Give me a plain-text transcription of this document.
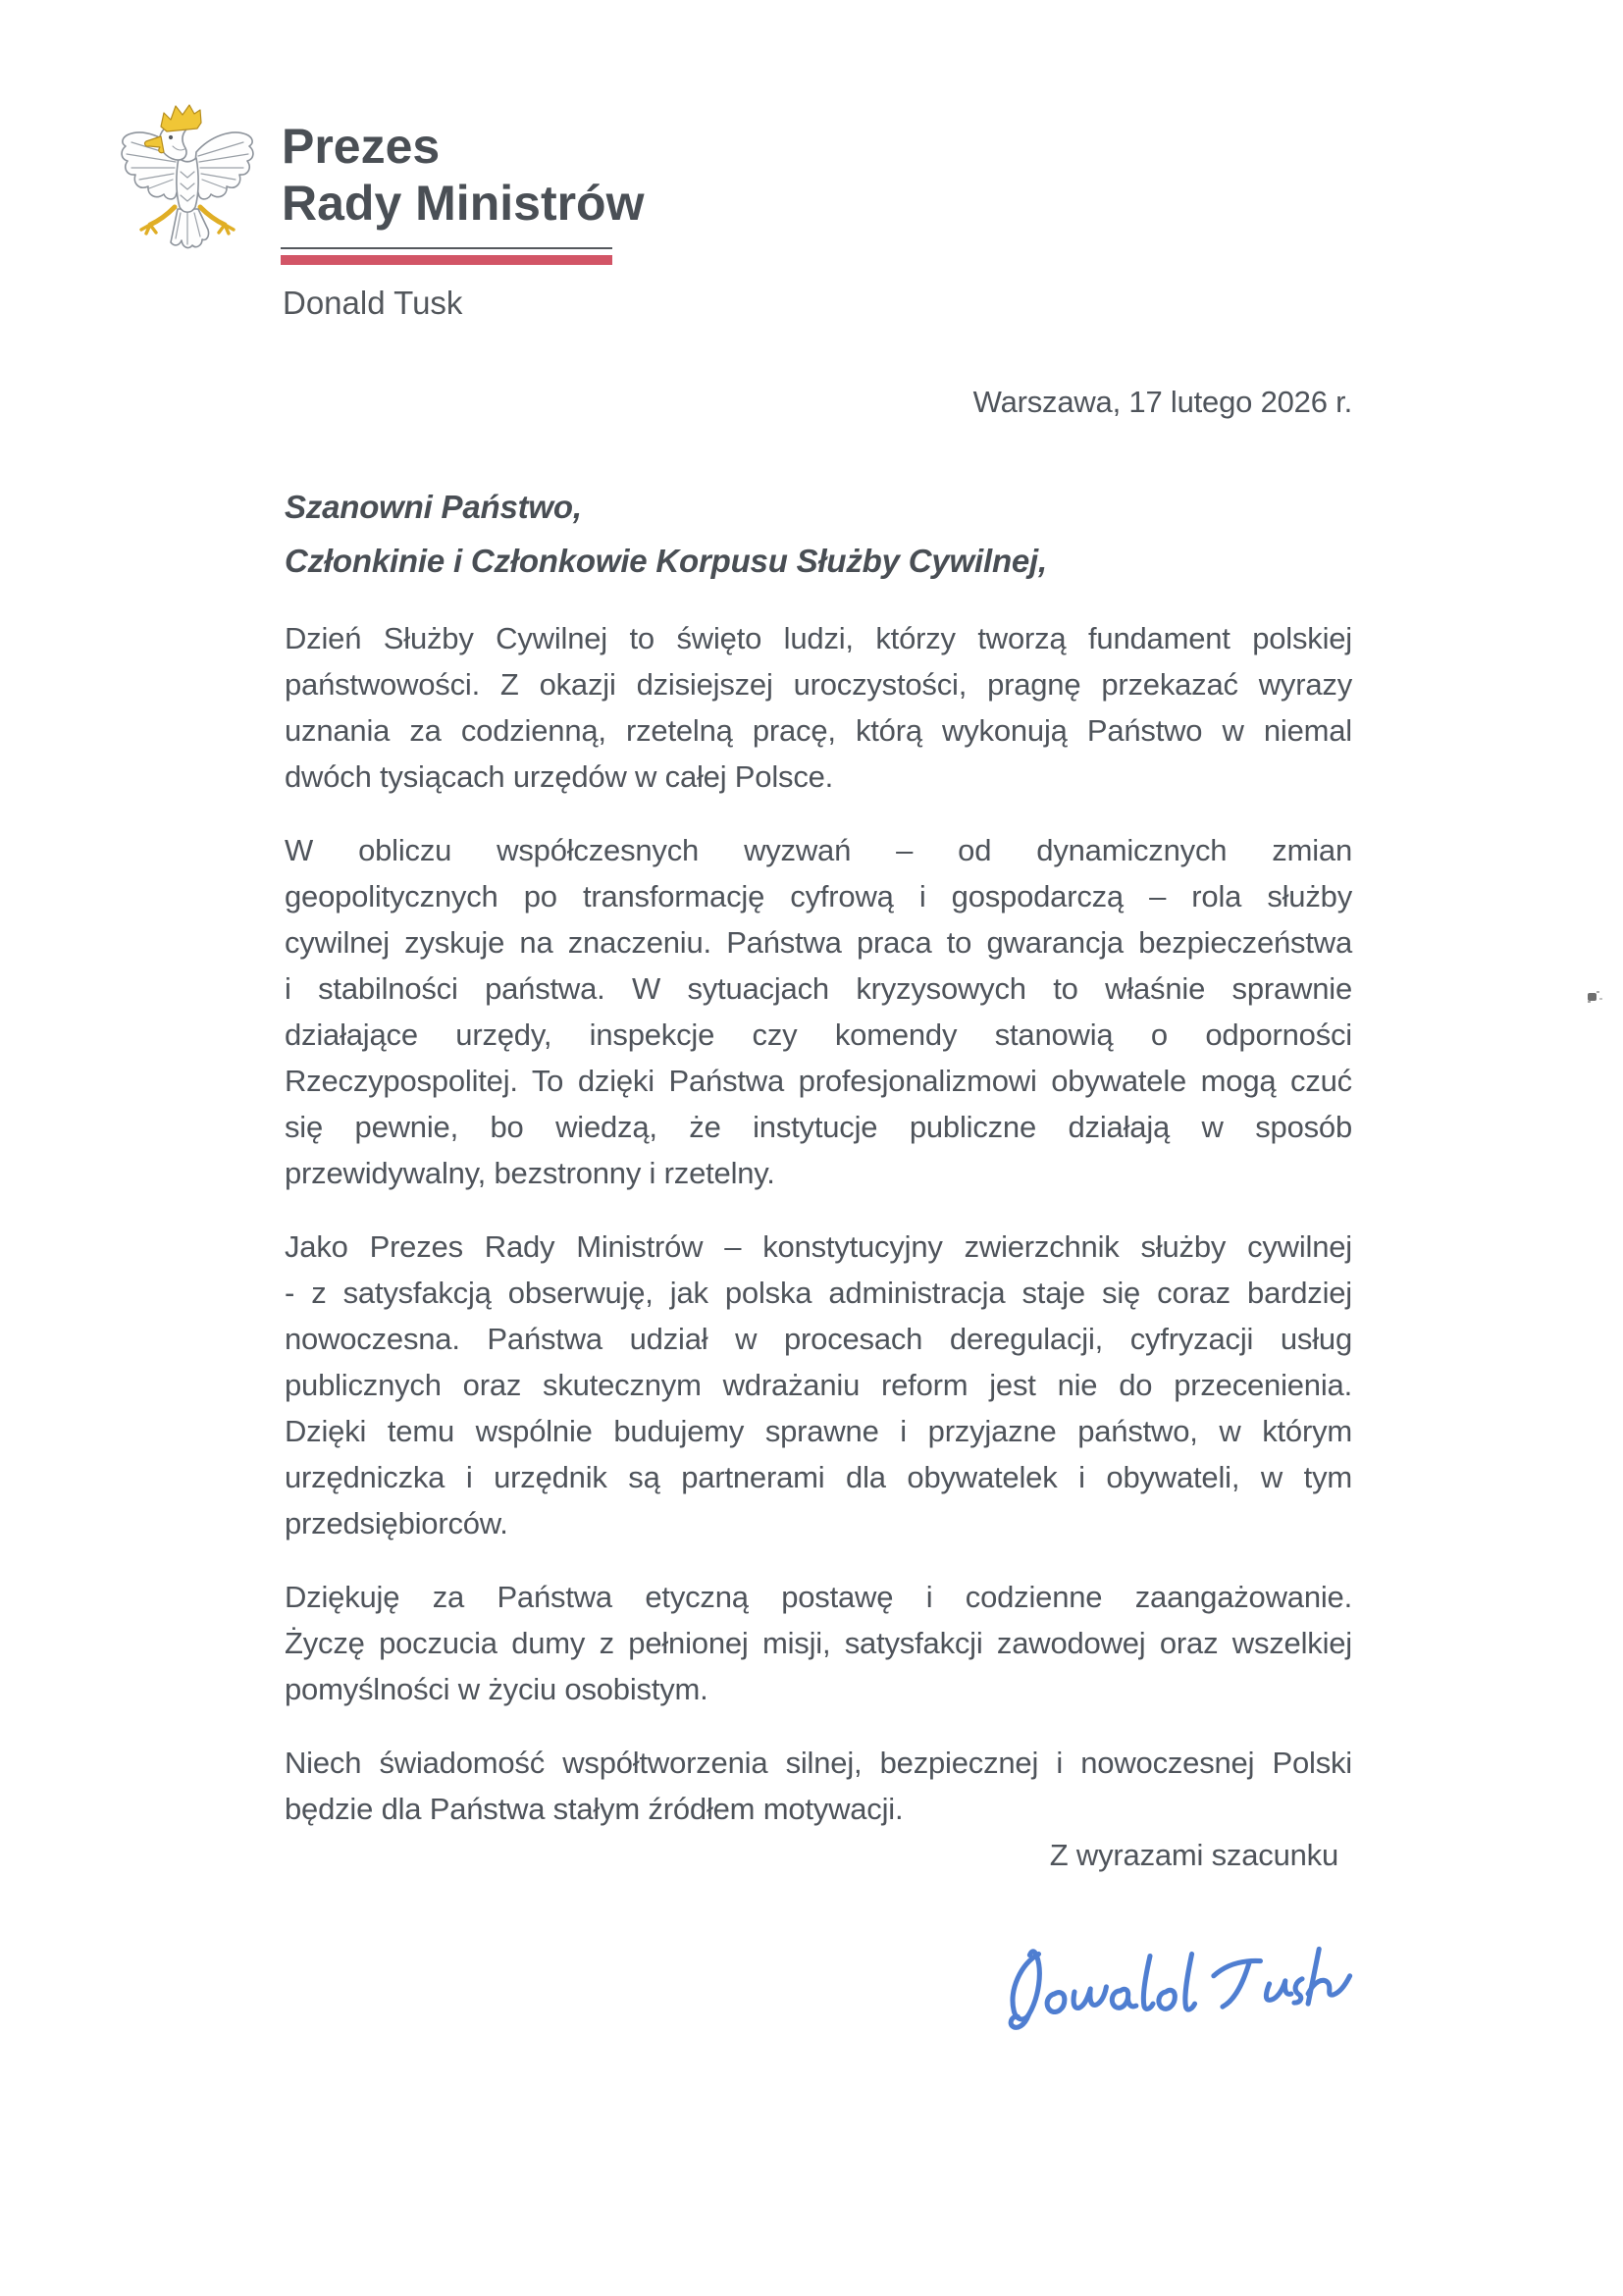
Prezes
Rady Ministrów
Donald Tusk
Warszawa, 17 lutego 2026 r.
Szanowni Państwo,
Członkinie i Członkowie Korpusu Służby Cywilnej,
Dzień Służby Cywilnej to święto ludzi, którzy tworzą fundament polskiej
państwowości. Z okazji dzisiejszej uroczystości, pragnę przekazać wyrazy
uznania za codzienną, rzetelną pracę, którą wykonują Państwo w niemal
dwóch tysiącach urzędów w całej Polsce.
W obliczu współczesnych wyzwań – od dynamicznych zmian
geopolitycznych po transformację cyfrową i gospodarczą – rola służby
cywilnej zyskuje na znaczeniu. Państwa praca to gwarancja bezpieczeństwa
i stabilności państwa. W sytuacjach kryzysowych to właśnie sprawnie
działające urzędy, inspekcje czy komendy stanowią o odporności
Rzeczypospolitej. To dzięki Państwa profesjonalizmowi obywatele mogą czuć
się pewnie, bo wiedzą, że instytucje publiczne działają w sposób
przewidywalny, bezstronny i rzetelny.
Jako Prezes Rady Ministrów – konstytucyjny zwierzchnik służby cywilnej
- z satysfakcją obserwuję, jak polska administracja staje się coraz bardziej
nowoczesna. Państwa udział w procesach deregulacji, cyfryzacji usług
publicznych oraz skutecznym wdrażaniu reform jest nie do przecenienia.
Dzięki temu wspólnie budujemy sprawne i przyjazne państwo, w którym
urzędniczka i urzędnik są partnerami dla obywatelek i obywateli, w tym
przedsiębiorców.
Dziękuję za Państwa etyczną postawę i codzienne zaangażowanie.
Życzę poczucia dumy z pełnionej misji, satysfakcji zawodowej oraz wszelkiej
pomyślności w życiu osobistym.
Niech świadomość współtworzenia silnej, bezpiecznej i nowoczesnej Polski
będzie dla Państwa stałym źródłem motywacji.
Z wyrazami szacunku
